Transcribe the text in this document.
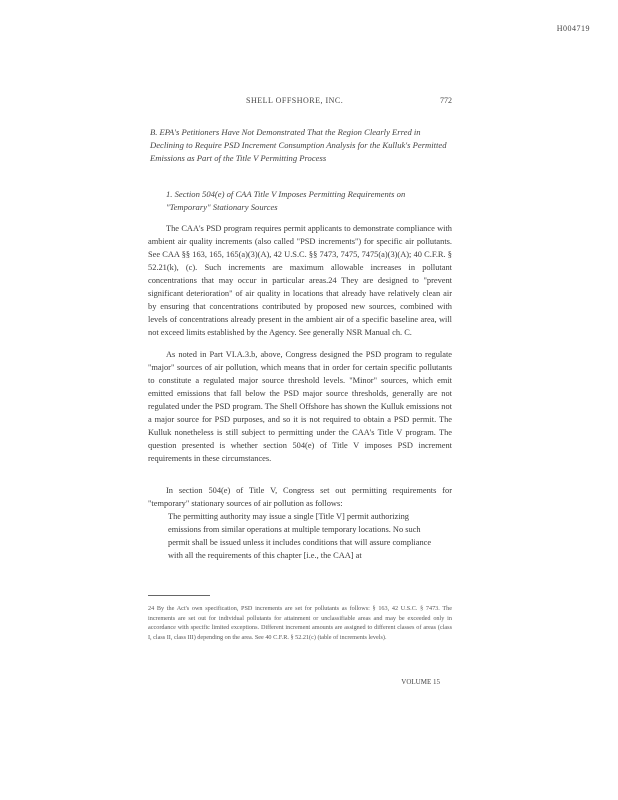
H004719
SHELL OFFSHORE, INC.	772
B. EPA's Petitioners Have Not Demonstrated That the Region Clearly Erred in Declining to Require PSD Increment Consumption Analysis for the Kulluk's Permitted Emissions as Part of the Title V Permitting Process
1. Section 504(e) of CAA Title V Imposes Permitting Requirements on "Temporary" Stationary Sources

The CAA's PSD program requires permit applicants to demonstrate compliance with ambient air quality increments (also called "PSD increments") for specific air pollutants. See CAA §§ 163, 165, 165(a)(3)(A), 42 U.S.C. §§ 7473, 7475, 7475(a)(3)(A); 40 C.F.R. § 52.21(k), (c). Such increments are maximum allowable increases in pollutant concentrations that may occur in particular areas.24 They are designed to "prevent significant deterioration" of air quality in locations that already have relatively clean air by ensuring that concentrations contributed by proposed new sources, combined with levels of concentrations already present in the ambient air of a specific baseline area, will not exceed limits established by the Agency. See generally NSR Manual ch. C.

As noted in Part VI.A.3.b, above, Congress designed the PSD program to regulate "major" sources of air pollution, which means that in order for certain specific pollutants to constitute a regulated major source threshold levels. "Minor" sources, which emit emitted emissions that fall below the PSD major source thresholds, generally are not regulated under the PSD program. The Shell Offshore has shown the Kulluk emissions not a major source for PSD purposes, and so it is not required to obtain a PSD permit. The Kulluk nonetheless is still subject to permitting under the CAA's Title V program. The question presented is whether section 504(e) of Title V imposes PSD increment requirements in these circumstances.

In section 504(e) of Title V, Congress set out permitting requirements for "temporary" stationary sources of air pollution as follows:

The permitting authority may issue a single [Title V] permit authorizing emissions from similar operations at multiple temporary locations. No such permit shall be issued unless it includes conditions that will assure compliance with all the requirements of this chapter [i.e., the CAA] at
24 By the Act's own specification, PSD increments are set for pollutants as follows: § 163, 42 U.S.C. § 7473. The increments are set out for individual pollutants for attainment or unclassifiable areas and may be exceeded only in accordance with specific limited exceptions. Different increment amounts are assigned to different classes of areas (class I, class II, class III) depending on the area. See 40 C.F.R. § 52.21(c) (table of increments levels).
VOLUME 15
